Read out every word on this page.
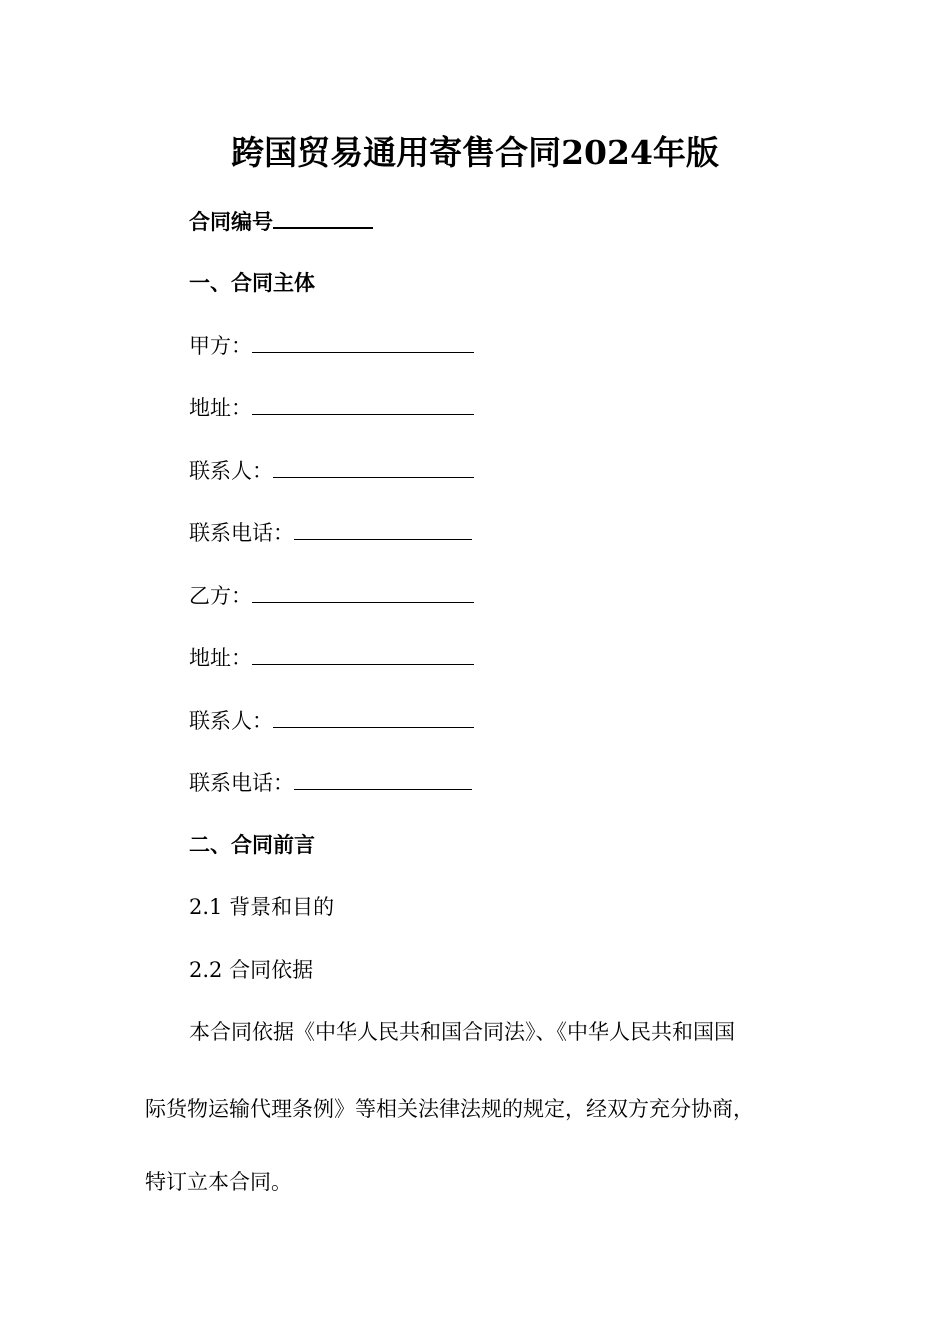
跨国贸易通用寄售合同2024年版
合同编号
一、合同主体
甲方：
地址：
联系人：
联系电话：
乙方：
地址：
联系人：
联系电话：
二、合同前言
2.1 背景和目的
2.2 合同依据
本合同依据《中华人民共和国合同法》、《中华人民共和国国
际货物运输代理条例》等相关法律法规的规定，经双方充分协商，
特订立本合同。
